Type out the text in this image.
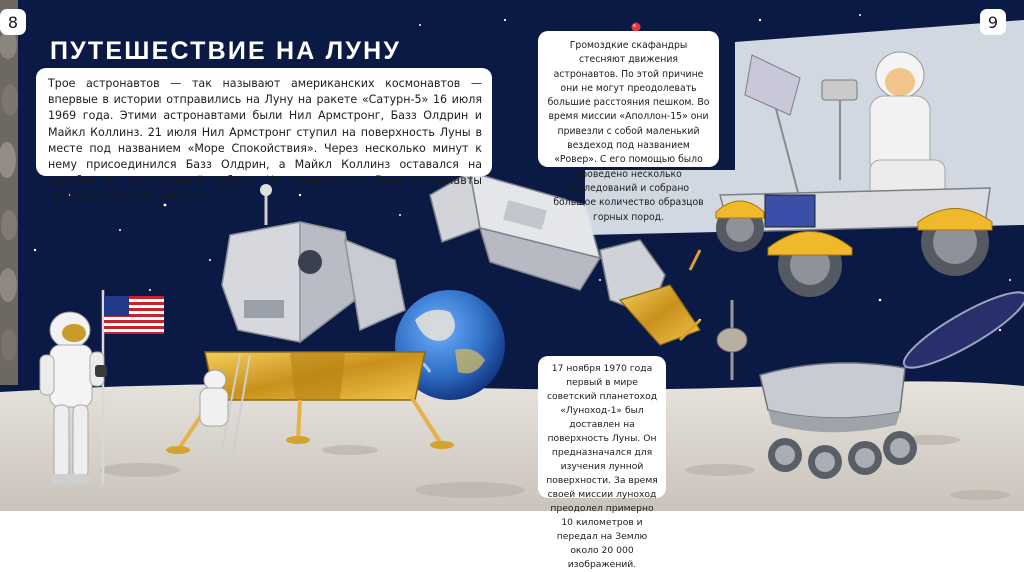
8	9
ПУТЕШЕСТВИЕ НА ЛУНУ

Трое астронавтов — так называют американских космонавтов — впервые в истории отправились на Луну на ракете «Сатурн-5» 16 июля 1969 года. Этими астронавтами были Нил Армстронг, Базз Олдрин и Майкл Коллинз. 21 июля Нил Армстронг ступил на поверхность Луны в месте под названием «Море Спокойствия». Через несколько минут к нему присоединился Базз Олдрин, а Майкл Коллинз оставался на корабле на окололунной орбите. На поверхности Луны астронавты пробыли 2 часа 31 минуту.

Громоздкие скафандры стесняют движения астронавтов. По этой причине они не могут преодолевать большие расстояния пешком. Во время миссии «Аполлон-15» они привезли с собой маленький вездеход под названием «Ровер». С его помощью было проведено несколько исследований и собрано большое количество образцов горных пород.

17 ноября 1970 года первый в мире советский планетоход «Луноход-1» был доставлен на поверхность Луны. Он предназначался для изучения лунной поверхности. За время своей миссии луноход преодолел примерно 10 километров и передал на Землю около 20 000 изображений.
